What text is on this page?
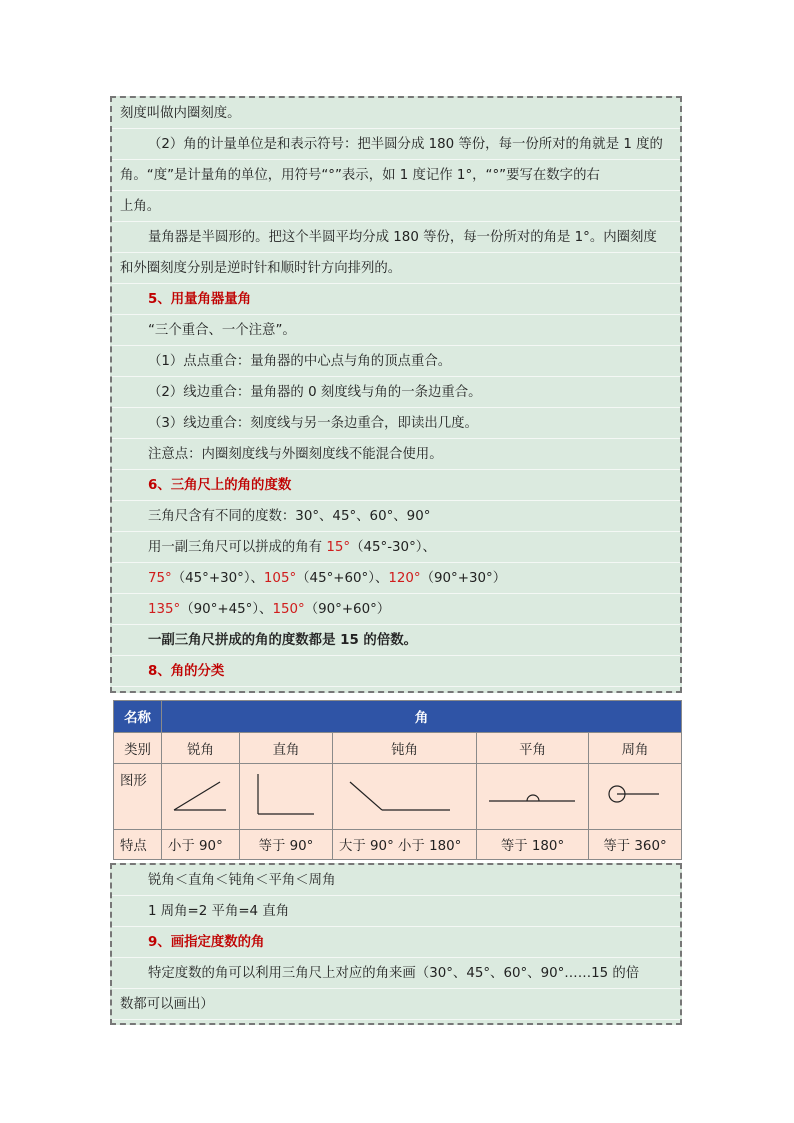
刻度叫做内圈刻度。
（2）角的计量单位是和表示符号：把半圆分成 180 等份，每一份所对的角就是 1 度的
角。“度”是计量角的单位，用符号“°”表示，如 1 度记作 1°，“°”要写在数字的右
上角。
量角器是半圆形的。把这个半圆平均分成 180 等份，每一份所对的角是 1°。内圈刻度
和外圈刻度分别是逆时针和顺时针方向排列的。
5、用量角器量角
“三个重合、一个注意”。
（1）点点重合：量角器的中心点与角的顶点重合。
（2）线边重合：量角器的 0 刻度线与角的一条边重合。
（3）线边重合：刻度线与另一条边重合，即读出几度。
注意点：内圈刻度线与外圈刻度线不能混合使用。
6、三角尺上的角的度数
三角尺含有不同的度数：30°、45°、60°、90°
用一副三角尺可以拼成的角有 15°（45°-30°）、
75°（45°+30°）、105°（45°+60°）、120°（90°+30°）
135°（90°+45°）、150°（90°+60°）
一副三角尺拼成的角的度数都是 15 的倍数。
8、角的分类
名称	角				
类别	锐角	直角	钝角	平角	周角
图形	

特点	小于 90°	等于 90°	大于 90° 小于 180°	等于 180°	等于 360°
锐角＜直角＜钝角＜平角＜周角
1 周角=2 平角=4 直角
9、画指定度数的角
特定度数的角可以利用三角尺上对应的角来画（30°、45°、60°、90°……15 的倍
数都可以画出）
